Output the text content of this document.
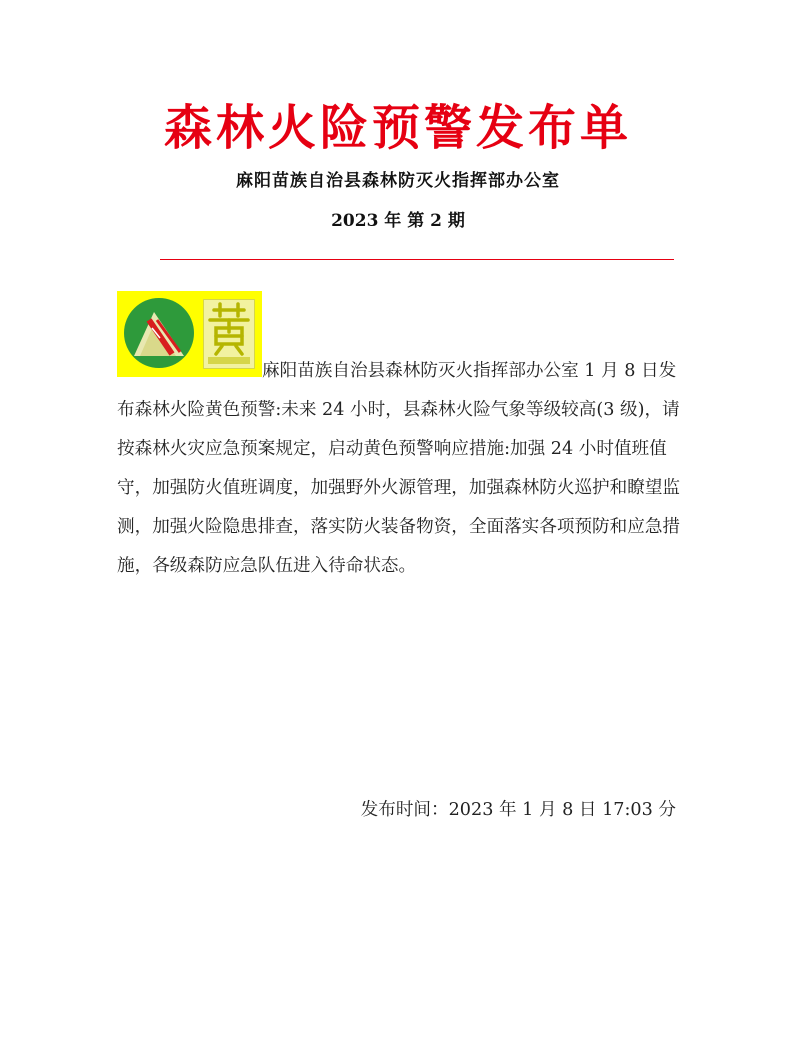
森林火险预警发布单
麻阳苗族自治县森林防灭火指挥部办公室
2023 年 第 2 期

麻阳苗族自治县森林防灭火指挥部办公室 1 月 8 日发布森林火险黄色预警:未来 24 小时，县森林火险气象等级较高(3 级)，请按森林火灾应急预案规定，启动黄色预警响应措施:加强 24 小时值班值守，加强防火值班调度，加强野外火源管理，加强森林防火巡护和瞭望监测，加强火险隐患排查，落实防火装备物资，全面落实各项预防和应急措施，各级森防应急队伍进入待命状态。

发布时间：2023 年 1 月 8 日 17:03 分
